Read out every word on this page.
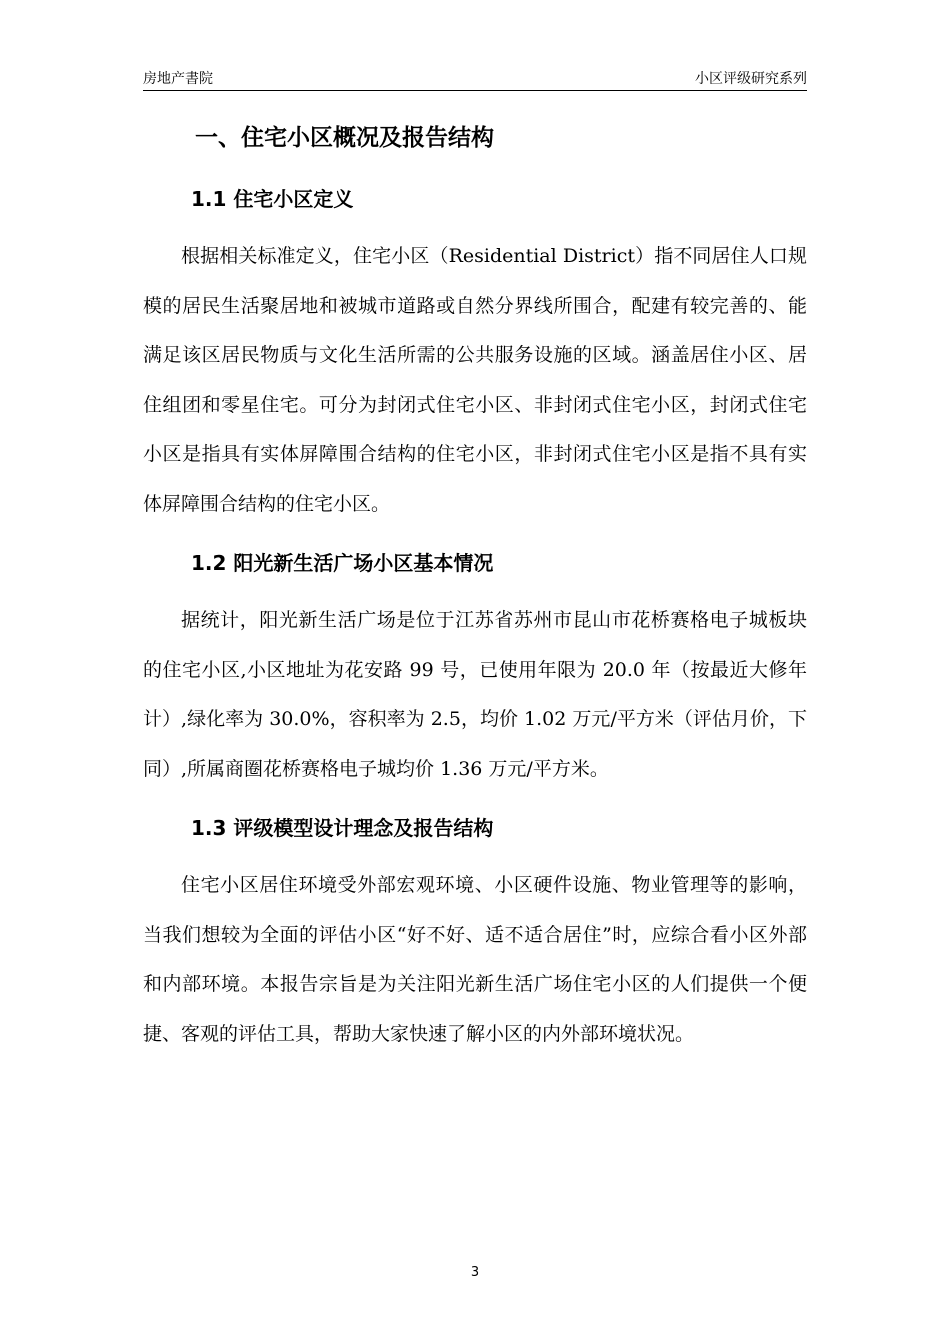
房地产書院	小区评级研究系列
一、住宅小区概况及报告结构
1.1 住宅小区定义

根据相关标准定义，住宅小区（Residential District）指不同居住人口规模的居民生活聚居地和被城市道路或自然分界线所围合，配建有较完善的、能满足该区居民物质与文化生活所需的公共服务设施的区域。涵盖居住小区、居住组团和零星住宅。可分为封闭式住宅小区、非封闭式住宅小区，封闭式住宅小区是指具有实体屏障围合结构的住宅小区，非封闭式住宅小区是指不具有实体屏障围合结构的住宅小区。

1.2 阳光新生活广场小区基本情况

据统计，阳光新生活广场是位于江苏省苏州市昆山市花桥赛格电子城板块的住宅小区,小区地址为花安路 99 号，已使用年限为 20.0 年（按最近大修年计）,绿化率为 30.0%，容积率为 2.5，均价 1.02 万元/平方米（评估月价，下同）,所属商圈花桥赛格电子城均价 1.36 万元/平方米。

1.3 评级模型设计理念及报告结构

住宅小区居住环境受外部宏观环境、小区硬件设施、物业管理等的影响，当我们想较为全面的评估小区“好不好、适不适合居住”时，应综合看小区外部和内部环境。本报告宗旨是为关注阳光新生活广场住宅小区的人们提供一个便捷、客观的评估工具，帮助大家快速了解小区的内外部环境状况。

3
